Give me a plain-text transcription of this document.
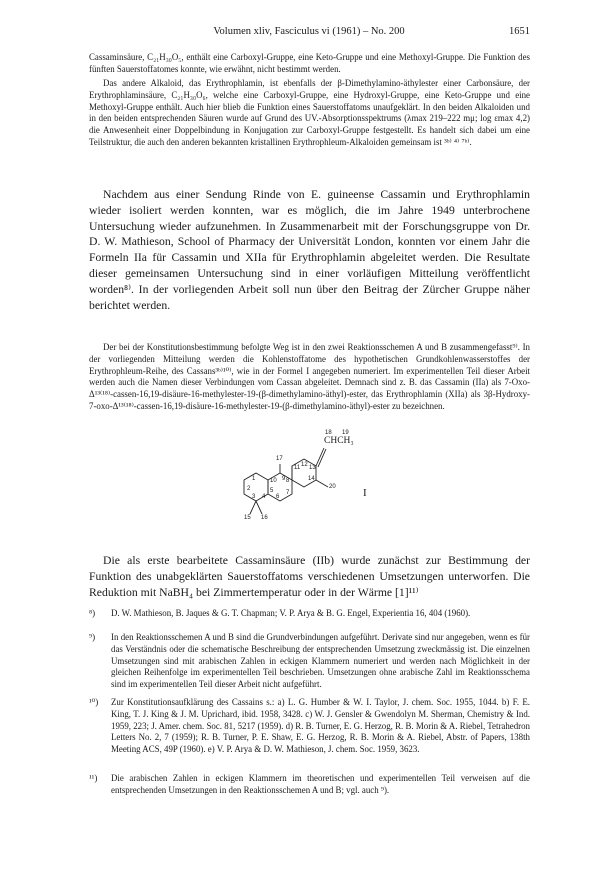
Volumen xliv, Fasciculus vi (1961) – No. 200	1651
Cassaminsäure, C₂₁H₃₀O₅, enthält eine Carboxyl-Gruppe, eine Keto-Gruppe und eine Methoxyl-Gruppe. Die Funktion des fünften Sauerstoffatomes konnte, wie erwähnt, nicht bestimmt werden.
Das andere Alkaloid, das Erythrophlamin, ist ebenfalls der β-Dimethylamino-äthylester einer Carbonsäure, der Erythrophlaminsäure, C₂₁H₃₀O₆, welche eine Carboxyl-Gruppe, eine Hydroxyl-Gruppe, eine Keto-Gruppe und eine Methoxyl-Gruppe enthält. Auch hier blieb die Funktion eines Sauerstoffatoms unaufgeklärt. In den beiden Alkaloiden und in den beiden entsprechenden Säuren wurde auf Grund des UV.-Absorptionsspektrums (λmax 219–222 mμ; log εmax 4,2) die Anwesenheit einer Doppelbindung in Konjugation zur Carboxyl-Gruppe festgestellt. Es handelt sich dabei um eine Teilstruktur, die auch den anderen bekannten kristallinen Erythrophleum-Alkaloiden gemeinsam ist ³ᵇ⁾ ⁴⁾ ⁷ᵇ⁾.
Nachdem aus einer Sendung Rinde von E. guineense Cassamin und Erythrophlamin wieder isoliert werden konnten, war es möglich, die im Jahre 1949 unterbrochene Untersuchung wieder aufzunehmen. In Zusammenarbeit mit der Forschungsgruppe von Dr. D. W. Mathieson, School of Pharmacy der Universität London, konnten vor einem Jahr die Formeln IIa für Cassamin und XIIa für Erythrophlamin abgeleitet werden. Die Resultate dieser gemeinsamen Untersuchung sind in einer vorläufigen Mitteilung veröffentlicht worden⁸⁾. In der vorliegenden Arbeit soll nun über den Beitrag der Zürcher Gruppe näher berichtet werden.
Der bei der Konstitutionsbestimmung befolgte Weg ist in den zwei Reaktionsschemen A und B zusammengefasst⁹⁾. In der vorliegenden Mitteilung werden die Kohlenstoffatome des hypothetischen Grundkohlenwasserstoffes der Erythrophleum-Reihe, des Cassans³ᵇ⁾¹⁰⁾, wie in der Formel I angegeben numeriert. Im experimentellen Teil dieser Arbeit werden auch die Namen dieser Verbindungen vom Cassan abgeleitet. Demnach sind z. B. das Cassamin (IIa) als 7-Oxo-Δ¹³⁽¹⁸⁾-cassen-16,19-disäure-16-methylester-19-(β-dimethylamino-äthyl)-ester, das Erythrophlamin (XIIa) als 3β-Hydroxy-7-oxo-Δ¹³⁽¹⁸⁾-cassen-16,19-disäure-16-methylester-19-(β-dimethylamino-äthyl)-ester zu bezeichnen.
CHCH₃
18 19
1
2
3 4
5
6
7
8
9
10
11 12 13
14
15 16
17
20 I
Die als erste bearbeitete Cassaminsäure (IIb) wurde zunächst zur Bestimmung der Funktion des unabgeklärten Sauerstoffatoms verschiedenen Umsetzungen unterworfen. Die Reduktion mit NaBH₄ bei Zimmertemperatur oder in der Wärme [1]¹¹⁾
⁸)	D. W. Mathieson, B. Jaques & G. T. Chapman; V. P. Arya & B. G. Engel, Experientia 16, 404 (1960).
⁹)	In den Reaktionsschemen A und B sind die Grundverbindungen aufgeführt. Derivate sind nur angegeben, wenn es für das Verständnis oder die schematische Beschreibung der entsprechenden Umsetzung zweckmässig ist. Die einzelnen Umsetzungen sind mit arabischen Zahlen in eckigen Klammern numeriert und werden nach Möglichkeit in der gleichen Reihenfolge im experimentellen Teil beschrieben. Umsetzungen ohne arabische Zahl im Reaktionsschema sind im experimentellen Teil dieser Arbeit nicht aufgeführt.
¹⁰)	Zur Konstitutionsaufklärung des Cassains s.: a) L. G. Humber & W. I. Taylor, J. chem. Soc. 1955, 1044. b) F. E. King, T. J. King & J. M. Uprichard, ibid. 1958, 3428. c) W. J. Gensler & Gwendolyn M. Sherman, Chemistry & Ind. 1959, 223; J. Amer. chem. Soc. 81, 5217 (1959). d) R. B. Turner, E. G. Herzog, R. B. Morin & A. Riebel, Tetrahedron Letters No. 2, 7 (1959); R. B. Turner, P. E. Shaw, E. G. Herzog, R. B. Morin & A. Riebel, Abstr. of Papers, 138th Meeting ACS, 49P (1960). e) V. P. Arya & D. W. Mathieson, J. chem. Soc. 1959, 3623.
¹¹)	Die arabischen Zahlen in eckigen Klammern im theoretischen und experimentellen Teil verweisen auf die entsprechenden Umsetzungen in den Reaktionsschemen A und B; vgl. auch ⁹).
